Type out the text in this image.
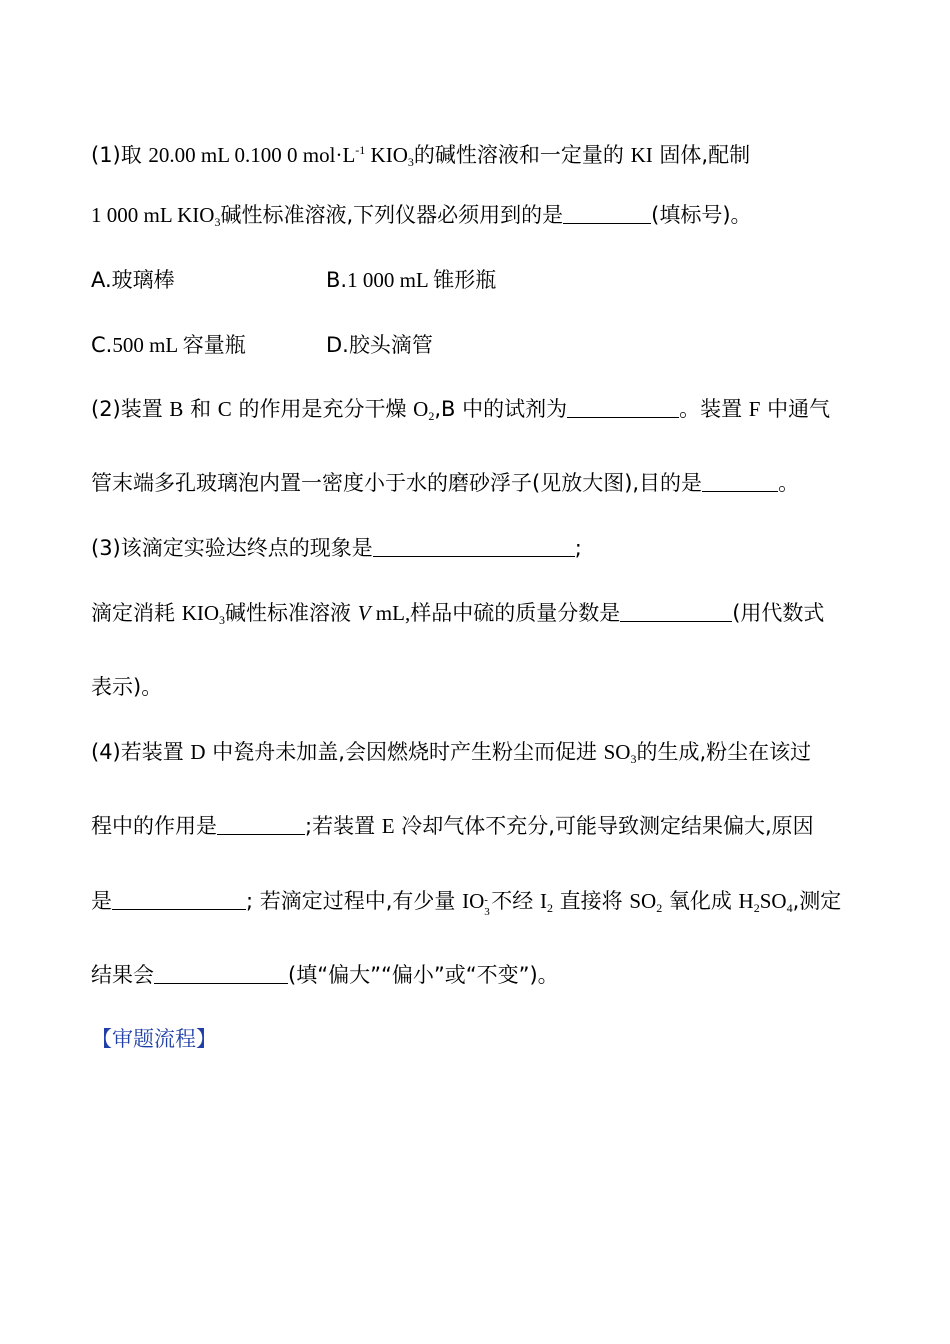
(1)取 20.00 mL 0.100 0 $mol\cdot L^{-1}$ $KIO_3$的碱性溶液和一定量的 KI 固体,配制
1 000 mL $KIO_3$碱性标准溶液,下列仪器必须用到的是	(填标号)。
A.玻璃棒	B.1 000 mL 锥形瓶
C.500 mL 容量瓶	D.胶头滴管
(2)装置 B 和 C 的作用是充分干燥 $O_2,B$ 中的试剂为	。装置 F 中通气
管末端多孔玻璃泡内置一密度小于水的磨砂浮子(见放大图),目的是	。
(3)该滴定实验达终点的现象是	;
滴定消耗 $KIO_3$碱性标准溶液 V mL,样品中硫的质量分数是	(用代数式
表示)。
(4)若装置 D 中瓷舟未加盖,会因燃烧时产生粉尘而促进 $SO_3$的生成,粉尘在该过
程中的作用是	;若装置 E 冷却气体不充分,可能导致测定结果偏大,原因
是	; 若滴定过程中,有少量 IO -
3 不经 $I_2$ 直接将 $SO_2$ 氧化成 $H_2SO_4$,测定
结果会	(填“偏大”“偏小”或“不变”)。
【审题流程】
